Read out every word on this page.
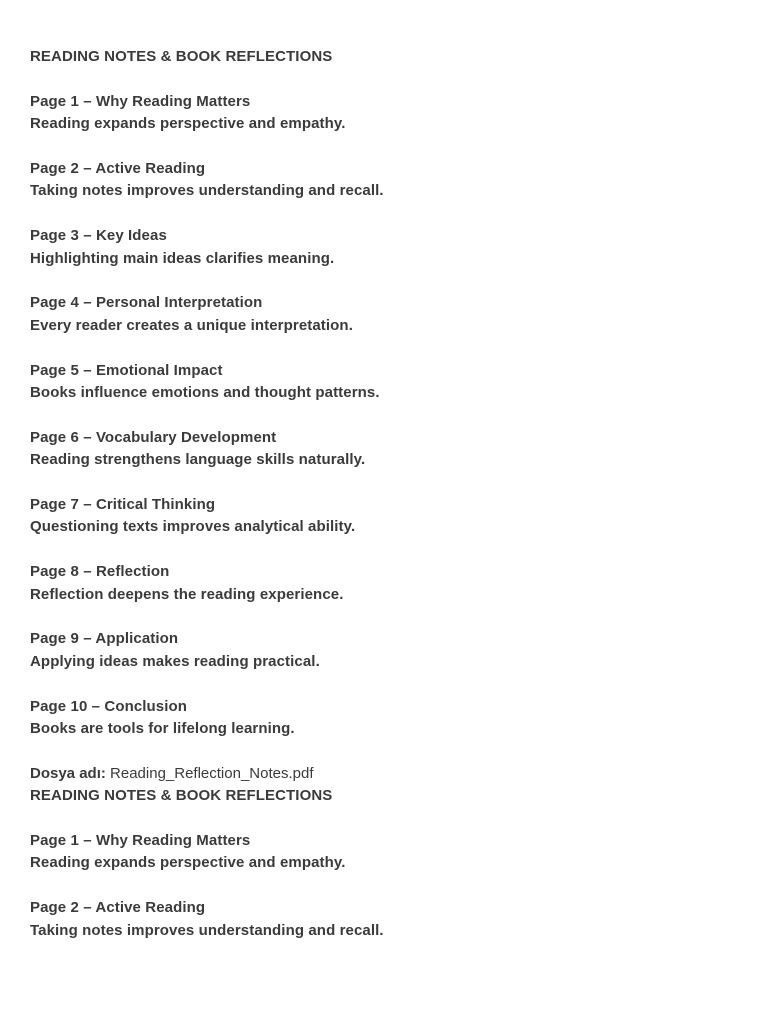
READING NOTES & BOOK REFLECTIONS
Page 1 – Why Reading Matters
Reading expands perspective and empathy.
Page 2 – Active Reading
Taking notes improves understanding and recall.
Page 3 – Key Ideas
Highlighting main ideas clarifies meaning.
Page 4 – Personal Interpretation
Every reader creates a unique interpretation.
Page 5 – Emotional Impact
Books influence emotions and thought patterns.
Page 6 – Vocabulary Development
Reading strengthens language skills naturally.
Page 7 – Critical Thinking
Questioning texts improves analytical ability.
Page 8 – Reflection
Reflection deepens the reading experience.
Page 9 – Application
Applying ideas makes reading practical.
Page 10 – Conclusion
Books are tools for lifelong learning.
Dosya adı: Reading_Reflection_Notes.pdf
READING NOTES & BOOK REFLECTIONS
Page 1 – Why Reading Matters
Reading expands perspective and empathy.
Page 2 – Active Reading
Taking notes improves understanding and recall.
